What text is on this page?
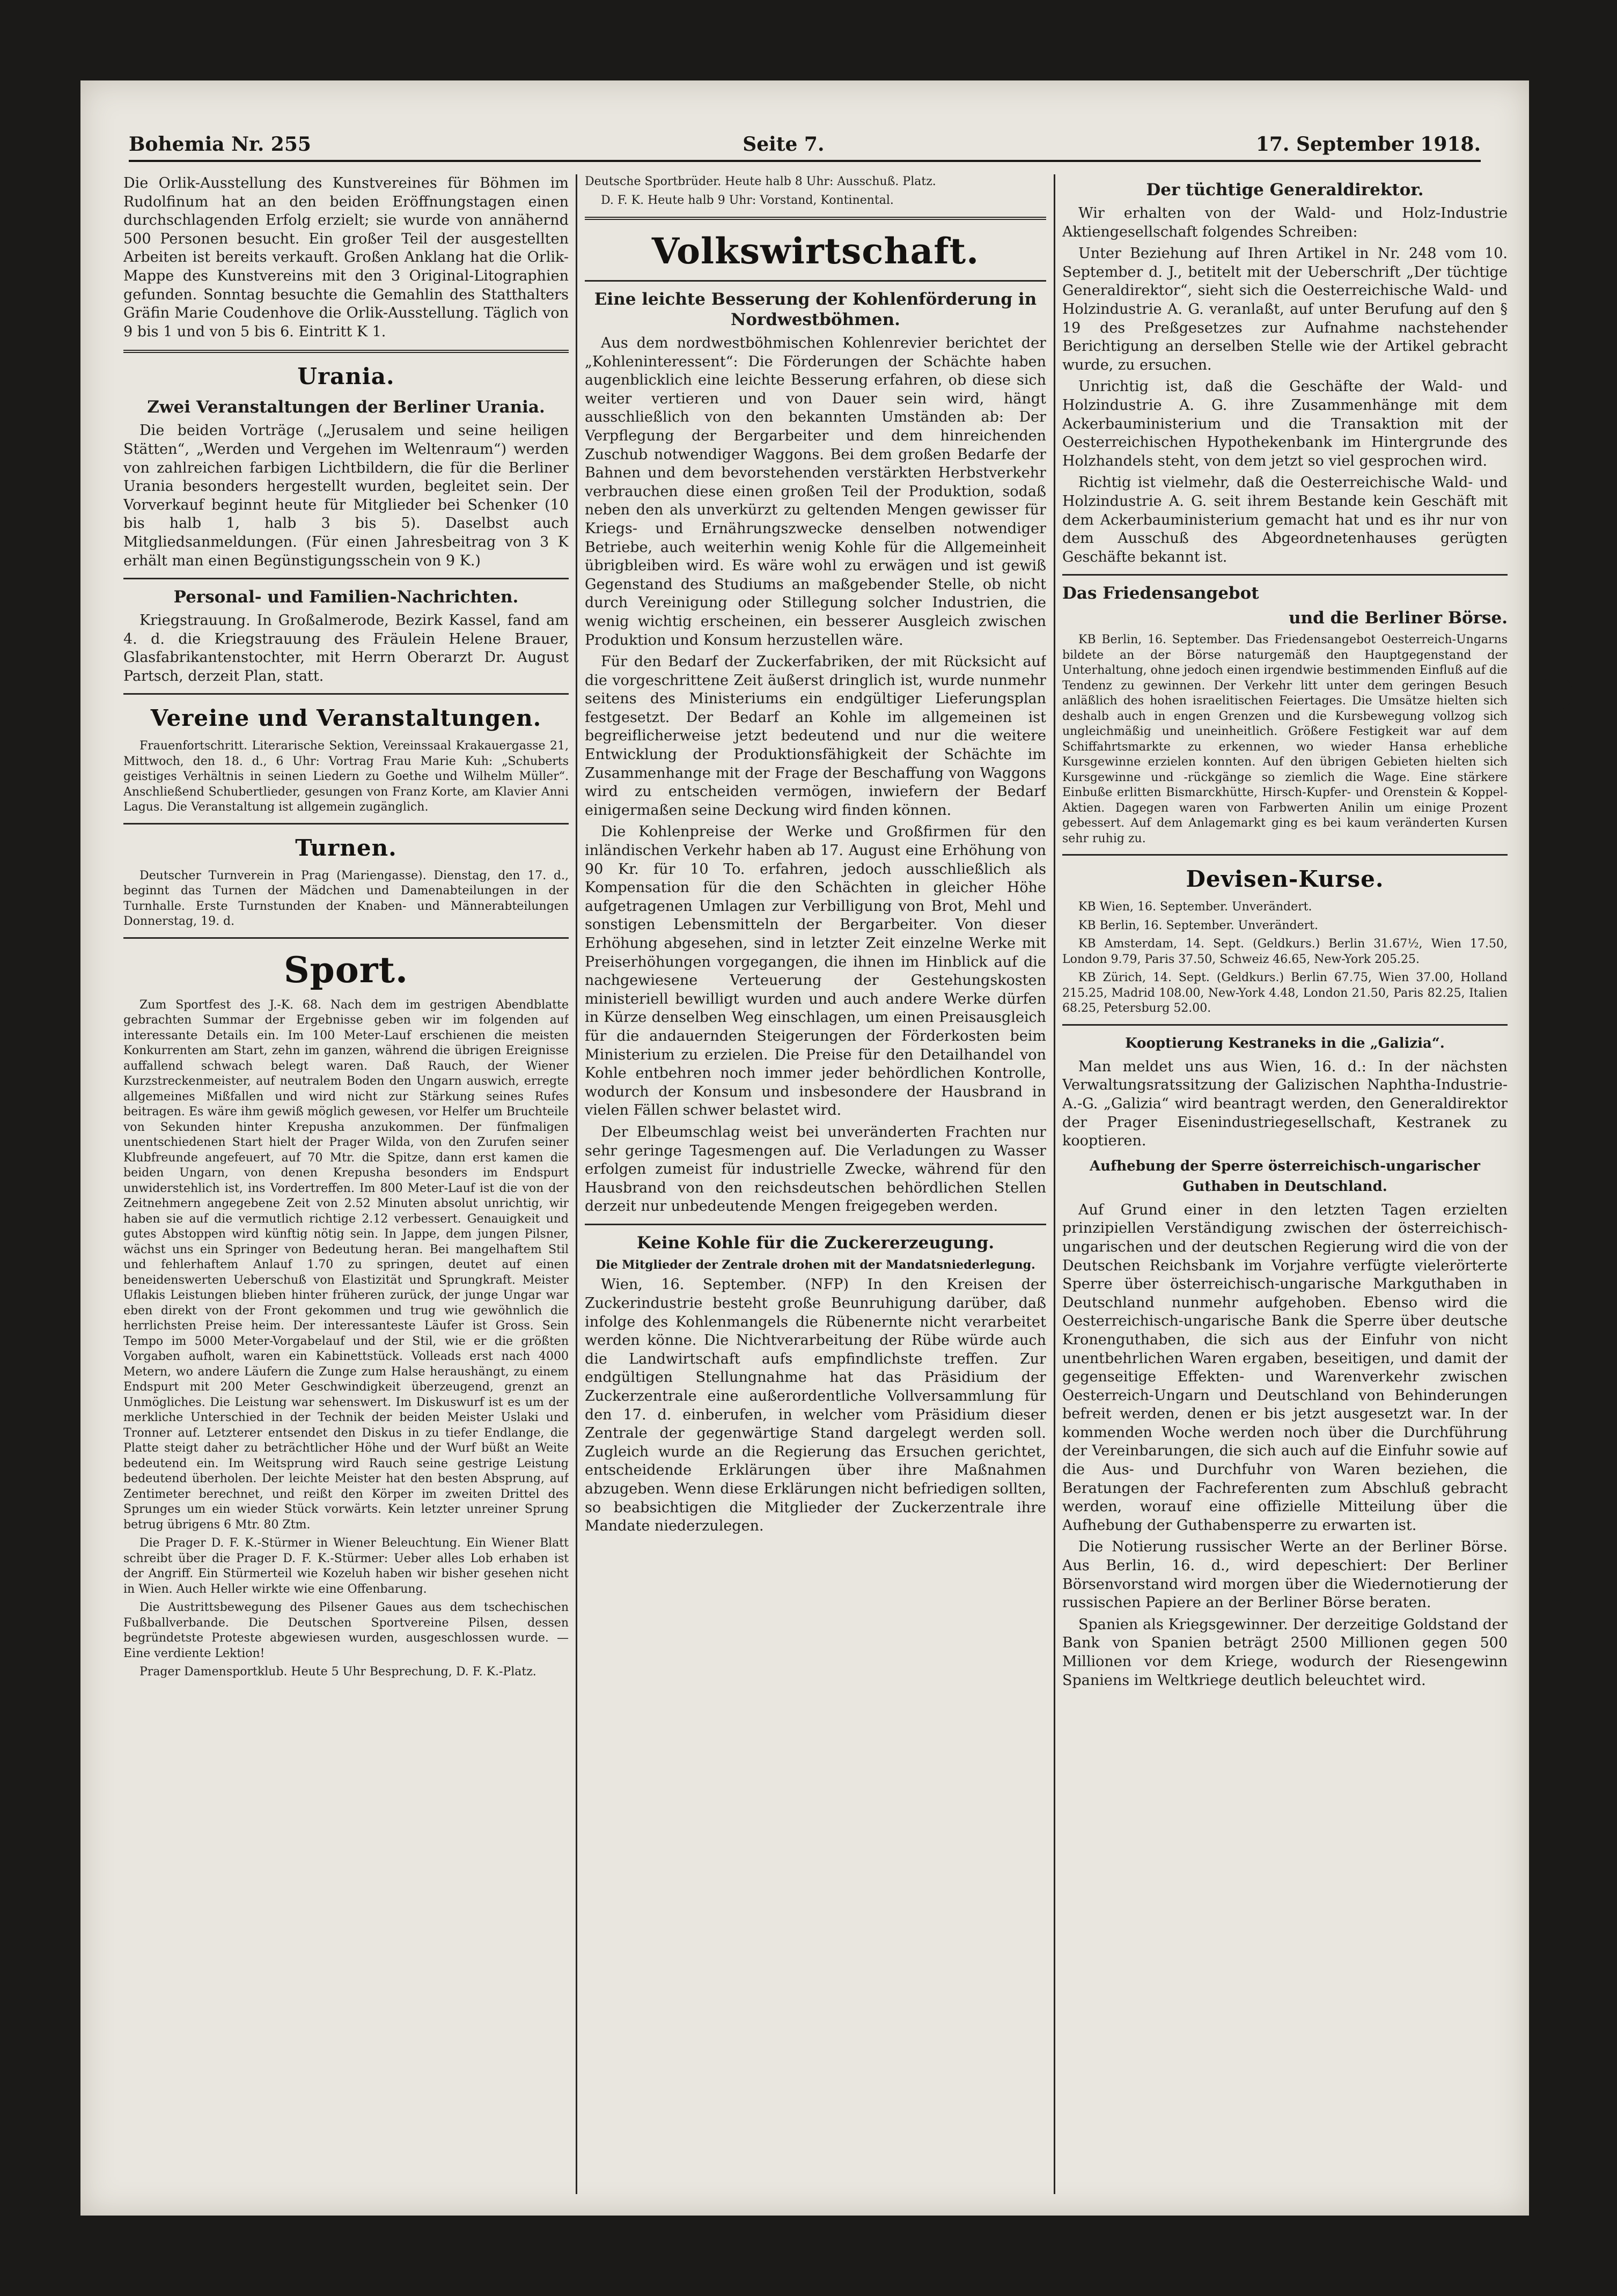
Bohemia Nr. 255	Seite 7.	17. September 1918.

Die Orlik-Ausstellung des Kunstvereines für Böhmen im Rudolfinum hat an den beiden Eröffnungstagen einen durchschlagenden Erfolg erzielt; sie wurde von annähernd 500 Personen besucht. Ein großer Teil der ausgestellten Arbeiten ist bereits verkauft. Großen Anklang hat die Orlik-Mappe des Kunstvereins mit den 3 Original-Litographien gefunden. Sonntag besuchte die Gemahlin des Statthalters Gräfin Marie Coudenhove die Orlik-Ausstellung. Täglich von 9 bis 1 und von 5 bis 6. Eintritt K 1.

Urania.
Zwei Veranstaltungen der Berliner Urania.

Die beiden Vorträge („Jerusalem und seine heiligen Stätten“, „Werden und Vergehen im Weltenraum“) werden von zahlreichen farbigen Lichtbildern, die für die Berliner Urania besonders hergestellt wurden, begleitet sein. Der Vorverkauf beginnt heute für Mitglieder bei Schenker (10 bis halb 1, halb 3 bis 5). Daselbst auch Mitgliedsanmeldungen. (Für einen Jahresbeitrag von 3 K erhält man einen Begünstigungsschein von 9 K.)

Personal- und Familien-Nachrichten.

Kriegstrauung. In Großalmerode, Bezirk Kassel, fand am 4. d. die Kriegstrauung des Fräulein Helene Brauer, Glasfabrikantenstochter, mit Herrn Oberarzt Dr. August Partsch, derzeit Plan, statt.

Vereine und Veranstaltungen.

Frauenfortschritt. Literarische Sektion, Vereinssaal Krakauergasse 21, Mittwoch, den 18. d., 6 Uhr: Vortrag Frau Marie Kuh: „Schuberts geistiges Verhältnis in seinen Liedern zu Goethe und Wilhelm Müller“. Anschließend Schubertlieder, gesungen von Franz Korte, am Klavier Anni Lagus. Die Veranstaltung ist allgemein zugänglich.

Turnen.

Deutscher Turnverein in Prag (Mariengasse). Dienstag, den 17. d., beginnt das Turnen der Mädchen und Damenabteilungen in der Turnhalle. Erste Turnstunden der Knaben- und Männerabteilungen Donnerstag, 19. d.

Sport.

Zum Sportfest des J.-K. 68. Nach dem im gestrigen Abendblatte gebrachten Summar der Ergebnisse geben wir im folgenden auf interessante Details ein. Im 100 Meter-Lauf erschienen die meisten Konkurrenten am Start, zehn im ganzen, während die übrigen Ereignisse auffallend schwach belegt waren. Daß Rauch, der Wiener Kurzstreckenmeister, auf neutralem Boden den Ungarn auswich, erregte allgemeines Mißfallen und wird nicht zur Stärkung seines Rufes beitragen. Es wäre ihm gewiß möglich gewesen, vor Helfer um Bruchteile von Sekunden hinter Krepusha anzukommen. Der fünfmaligen unentschiedenen Start hielt der Prager Wilda, von den Zurufen seiner Klubfreunde angefeuert, auf 70 Mtr. die Spitze, dann erst kamen die beiden Ungarn, von denen Krepusha besonders im Endspurt unwiderstehlich ist, ins Vordertreffen. Im 800 Meter-Lauf ist die von der Zeitnehmern angegebene Zeit von 2.52 Minuten absolut unrichtig, wir haben sie auf die vermutlich richtige 2.12 verbessert. Genauigkeit und gutes Abstoppen wird künftig nötig sein. In Jappe, dem jungen Pilsner, wächst uns ein Springer von Bedeutung heran. Bei mangelhaftem Stil und fehlerhaftem Anlauf 1.70 zu springen, deutet auf einen beneidenswerten Ueberschuß von Elastizität und Sprungkraft. Meister Uflakis Leistungen blieben hinter früheren zurück, der junge Ungar war eben direkt von der Front gekommen und trug wie gewöhnlich die herrlichsten Preise heim. Der interessanteste Läufer ist Gross. Sein Tempo im 5000 Meter-Vorgabelauf und der Stil, wie er die größten Vorgaben aufholt, waren ein Kabinettstück. Volleads erst nach 4000 Metern, wo andere Läufern die Zunge zum Halse heraushängt, zu einem Endspurt mit 200 Meter Geschwindigkeit überzeugend, grenzt an Unmögliches. Die Leistung war sehenswert. Im Diskuswurf ist es um der merkliche Unterschied in der Technik der beiden Meister Uslaki und Tronner auf. Letzterer entsendet den Diskus in zu tiefer Endlange, die Platte steigt daher zu beträchtlicher Höhe und der Wurf büßt an Weite bedeutend ein. Im Weitsprung wird Rauch seine gestrige Leistung bedeutend überholen. Der leichte Meister hat den besten Absprung, auf Zentimeter berechnet, und reißt den Körper im zweiten Drittel des Sprunges um ein wieder Stück vorwärts. Kein letzter unreiner Sprung betrug übrigens 6 Mtr. 80 Ztm.

Die Prager D. F. K.-Stürmer in Wiener Beleuchtung. Ein Wiener Blatt schreibt über die Prager D. F. K.-Stürmer: Ueber alles Lob erhaben ist der Angriff. Ein Stürmerteil wie Kozeluh haben wir bisher gesehen nicht in Wien. Auch Heller wirkte wie eine Offenbarung.

Die Austrittsbewegung des Pilsener Gaues aus dem tschechischen Fußballverbande. Die Deutschen Sportvereine Pilsen, dessen begründetste Proteste abgewiesen wurden, ausgeschlossen wurde. — Eine verdiente Lektion!

Prager Damensportklub. Heute 5 Uhr Besprechung, D. F. K.-Platz.

Deutsche Sportbrüder. Heute halb 8 Uhr: Ausschuß. Platz.

D. F. K. Heute halb 9 Uhr: Vorstand, Kontinental.

Volkswirtschaft.
Eine leichte Besserung der Kohlenförderung in Nordwestböhmen.

Aus dem nordwestböhmischen Kohlenrevier berichtet der „Kohleninteressent“: Die Förderungen der Schächte haben augenblicklich eine leichte Besserung erfahren, ob diese sich weiter vertieren und von Dauer sein wird, hängt ausschließlich von den bekannten Umständen ab: Der Verpflegung der Bergarbeiter und dem hinreichenden Zuschub notwendiger Waggons. Bei dem großen Bedarfe der Bahnen und dem bevorstehenden verstärkten Herbstverkehr verbrauchen diese einen großen Teil der Produktion, sodaß neben den als unverkürzt zu geltenden Mengen gewisser für Kriegs- und Ernährungszwecke denselben notwendiger Betriebe, auch weiterhin wenig Kohle für die Allgemeinheit übrigbleiben wird. Es wäre wohl zu erwägen und ist gewiß Gegenstand des Studiums an maßgebender Stelle, ob nicht durch Vereinigung oder Stillegung solcher Industrien, die wenig wichtig erscheinen, ein besserer Ausgleich zwischen Produktion und Konsum herzustellen wäre.

Für den Bedarf der Zuckerfabriken, der mit Rücksicht auf die vorgeschrittene Zeit äußerst dringlich ist, wurde nunmehr seitens des Ministeriums ein endgültiger Lieferungsplan festgesetzt. Der Bedarf an Kohle im allgemeinen ist begreiflicherweise jetzt bedeutend und nur die weitere Entwicklung der Produktionsfähigkeit der Schächte im Zusammenhange mit der Frage der Beschaffung von Waggons wird zu entscheiden vermögen, inwiefern der Bedarf einigermaßen seine Deckung wird finden können.

Die Kohlenpreise der Werke und Großfirmen für den inländischen Verkehr haben ab 17. August eine Erhöhung von 90 Kr. für 10 To. erfahren, jedoch ausschließlich als Kompensation für die den Schächten in gleicher Höhe aufgetragenen Umlagen zur Verbilligung von Brot, Mehl und sonstigen Lebensmitteln der Bergarbeiter. Von dieser Erhöhung abgesehen, sind in letzter Zeit einzelne Werke mit Preiserhöhungen vorgegangen, die ihnen im Hinblick auf die nachgewiesene Verteuerung der Gestehungskosten ministeriell bewilligt wurden und auch andere Werke dürfen in Kürze denselben Weg einschlagen, um einen Preisausgleich für die andauernden Steigerungen der Förderkosten beim Ministerium zu erzielen. Die Preise für den Detailhandel von Kohle entbehren noch immer jeder behördlichen Kontrolle, wodurch der Konsum und insbesondere der Hausbrand in vielen Fällen schwer belastet wird.

Der Elbeumschlag weist bei unveränderten Frachten nur sehr geringe Tagesmengen auf. Die Verladungen zu Wasser erfolgen zumeist für industrielle Zwecke, während für den Hausbrand von den reichsdeutschen behördlichen Stellen derzeit nur unbedeutende Mengen freigegeben werden.

Keine Kohle für die Zuckererzeugung.

Die Mitglieder der Zentrale drohen mit der Mandatsniederlegung.

Wien, 16. September. (NFP) In den Kreisen der Zuckerindustrie besteht große Beunruhigung darüber, daß infolge des Kohlenmangels die Rübenernte nicht verarbeitet werden könne. Die Nichtverarbeitung der Rübe würde auch die Landwirtschaft aufs empfindlichste treffen. Zur endgültigen Stellungnahme hat das Präsidium der Zuckerzentrale eine außerordentliche Vollversammlung für den 17. d. einberufen, in welcher vom Präsidium dieser Zentrale der gegenwärtige Stand dargelegt werden soll. Zugleich wurde an die Regierung das Ersuchen gerichtet, entscheidende Erklärungen über ihre Maßnahmen abzugeben. Wenn diese Erklärungen nicht befriedigen sollten, so beabsichtigen die Mitglieder der Zuckerzentrale ihre Mandate niederzulegen.

Der tüchtige Generaldirektor.

Wir erhalten von der Wald- und Holz-Industrie Aktiengesellschaft folgendes Schreiben:

Unter Beziehung auf Ihren Artikel in Nr. 248 vom 10. September d. J., betitelt mit der Ueberschrift „Der tüchtige Generaldirektor“, sieht sich die Oesterreichische Wald- und Holzindustrie A. G. veranlaßt, auf unter Berufung auf den § 19 des Preßgesetzes zur Aufnahme nachstehender Berichtigung an derselben Stelle wie der Artikel gebracht wurde, zu ersuchen.

Unrichtig ist, daß die Geschäfte der Wald- und Holzindustrie A. G. ihre Zusammenhänge mit dem Ackerbauministerium und die Transaktion mit der Oesterreichischen Hypothekenbank im Hintergrunde des Holzhandels steht, von dem jetzt so viel gesprochen wird.

Richtig ist vielmehr, daß die Oesterreichische Wald- und Holzindustrie A. G. seit ihrem Bestande kein Geschäft mit dem Ackerbauministerium gemacht hat und es ihr nur von dem Ausschuß des Abgeordnetenhauses gerügten Geschäfte bekannt ist.

Das Friedensangebot
und die Berliner Börse.

KB Berlin, 16. September. Das Friedensangebot Oesterreich-Ungarns bildete an der Börse naturgemäß den Hauptgegenstand der Unterhaltung, ohne jedoch einen irgendwie bestimmenden Einfluß auf die Tendenz zu gewinnen. Der Verkehr litt unter dem geringen Besuch anläßlich des hohen israelitischen Feiertages. Die Umsätze hielten sich deshalb auch in engen Grenzen und die Kursbewegung vollzog sich ungleichmäßig und uneinheitlich. Größere Festigkeit war auf dem Schiffahrtsmarkte zu erkennen, wo wieder Hansa erhebliche Kursgewinne erzielen konnten. Auf den übrigen Gebieten hielten sich Kursgewinne und -rückgänge so ziemlich die Wage. Eine stärkere Einbuße erlitten Bismarckhütte, Hirsch-Kupfer- und Orenstein & Koppel-Aktien. Dagegen waren von Farbwerten Anilin um einige Prozent gebessert. Auf dem Anlagemarkt ging es bei kaum veränderten Kursen sehr ruhig zu.

Devisen-Kurse.

KB Wien, 16. September. Unverändert.

KB Berlin, 16. September. Unverändert.

KB Amsterdam, 14. Sept. (Geldkurs.) Berlin 31.67½, Wien 17.50, London 9.79, Paris 37.50, Schweiz 46.65, New-York 205.25.

KB Zürich, 14. Sept. (Geldkurs.) Berlin 67.75, Wien 37.00, Holland 215.25, Madrid 108.00, New-York 4.48, London 21.50, Paris 82.25, Italien 68.25, Petersburg 52.00.

Kooptierung Kestraneks in die „Galizia“.

Man meldet uns aus Wien, 16. d.: In der nächsten Verwaltungsratssitzung der Galizischen Naphtha-Industrie-A.-G. „Galizia“ wird beantragt werden, den Generaldirektor der Prager Eisenindustriegesellschaft, Kestranek zu kooptieren.

Aufhebung der Sperre österreichisch-ungarischer Guthaben in Deutschland.

Auf Grund einer in den letzten Tagen erzielten prinzipiellen Verständigung zwischen der österreichisch-ungarischen und der deutschen Regierung wird die von der Deutschen Reichsbank im Vorjahre verfügte vielerörterte Sperre über österreichisch-ungarische Markguthaben in Deutschland nunmehr aufgehoben. Ebenso wird die Oesterreichisch-ungarische Bank die Sperre über deutsche Kronenguthaben, die sich aus der Einfuhr von nicht unentbehrlichen Waren ergaben, beseitigen, und damit der gegenseitige Effekten- und Warenverkehr zwischen Oesterreich-Ungarn und Deutschland von Behinderungen befreit werden, denen er bis jetzt ausgesetzt war. In der kommenden Woche werden noch über die Durchführung der Vereinbarungen, die sich auch auf die Einfuhr sowie auf die Aus- und Durchfuhr von Waren beziehen, die Beratungen der Fachreferenten zum Abschluß gebracht werden, worauf eine offizielle Mitteilung über die Aufhebung der Guthabensperre zu erwarten ist.

Die Notierung russischer Werte an der Berliner Börse. Aus Berlin, 16. d., wird depeschiert: Der Berliner Börsenvorstand wird morgen über die Wiedernotierung der russischen Papiere an der Berliner Börse beraten.

Spanien als Kriegsgewinner. Der derzeitige Goldstand der Bank von Spanien beträgt 2500 Millionen gegen 500 Millionen vor dem Kriege, wodurch der Riesengewinn Spaniens im Weltkriege deutlich beleuchtet wird.
